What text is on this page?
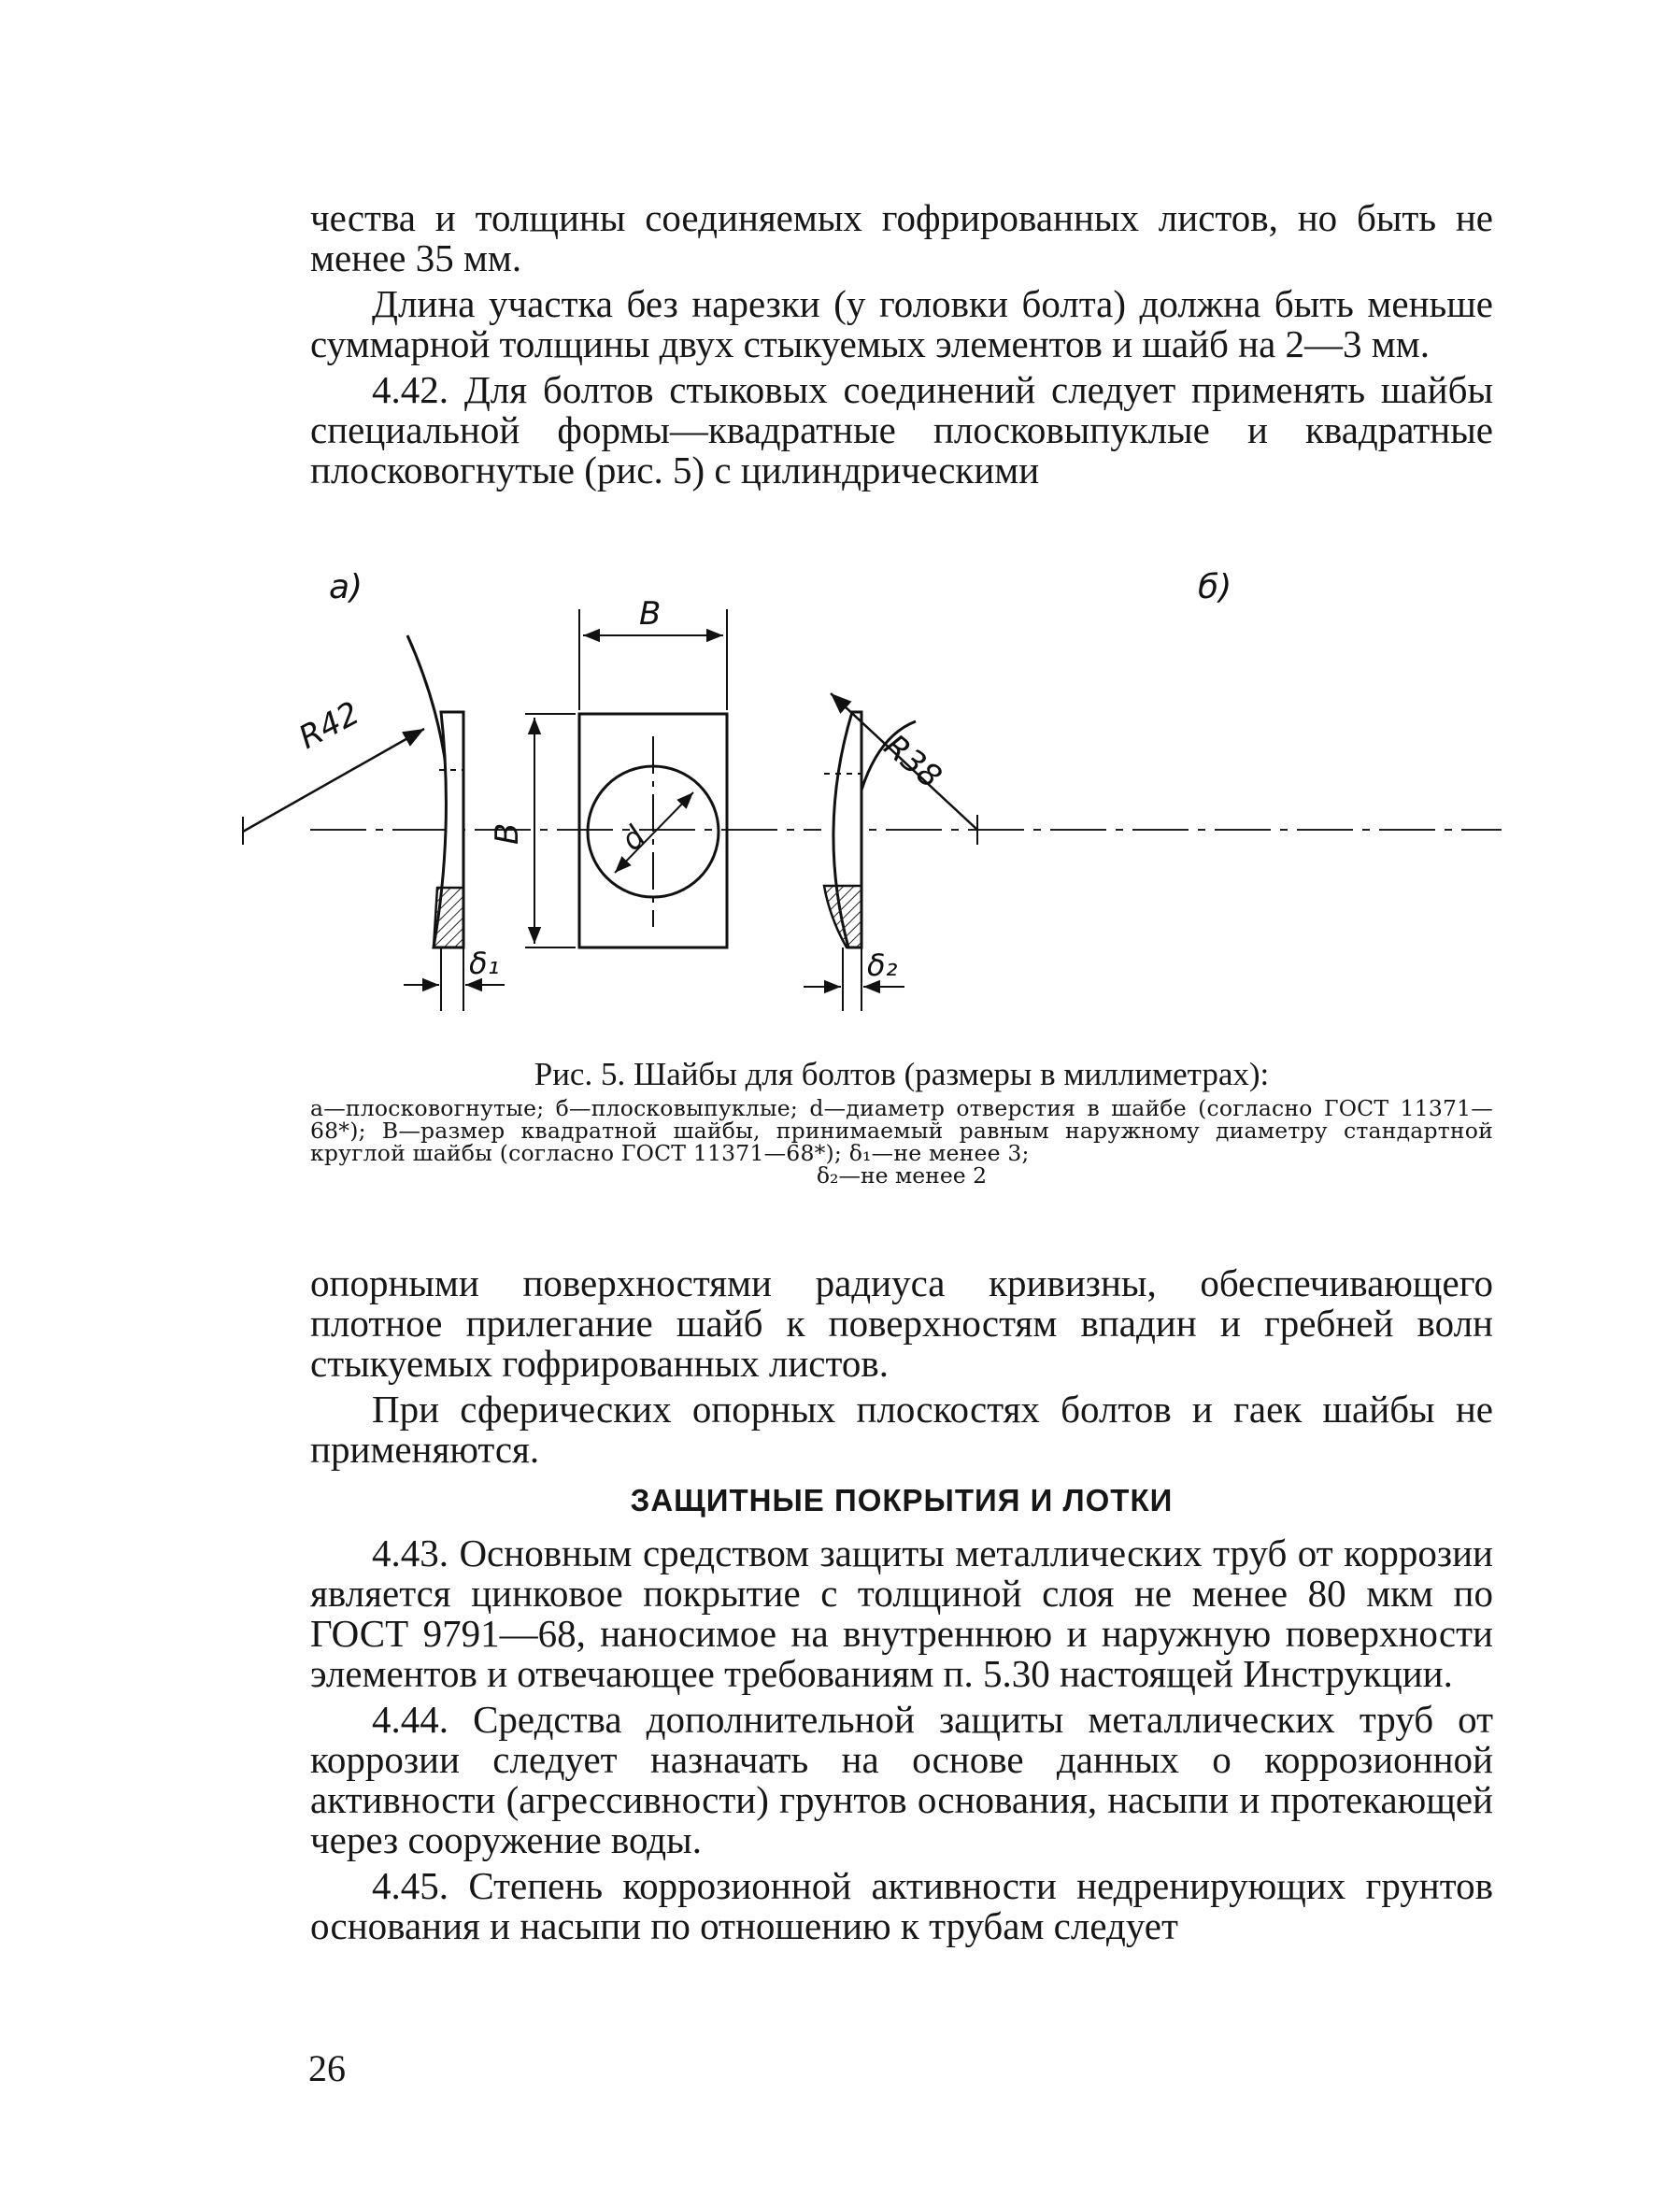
чества и толщины соединяемых гофрированных листов, но быть не менее 35 мм.

Длина участка без нарезки (у головки болта) должна быть меньше суммарной толщины двух стыкуемых элементов и шайб на 2—3 мм.

4.42. Для болтов стыковых соединений следует применять шайбы специальной формы—квадратные плосковыпуклые и квадратные плосковогнутые (рис. 5) с цилиндрическими

а)
R42
δ₁
В
В	d
б)
R38
δ₂
Рис. 5. Шайбы для болтов (размеры в миллиметрах):

а—плосковогнутые; б—плосковыпуклые; d—диаметр отверстия в шайбе (согласно ГОСТ 11371—68*); В—размер квадратной шайбы, принимаемый равным наружному диаметру стандартной круглой шайбы (согласно ГОСТ 11371—68*); δ₁—не менее 3;

δ₂—не менее 2

опорными поверхностями радиуса кривизны, обеспечивающего плотное прилегание шайб к поверхностям впадин и гребней волн стыкуемых гофрированных листов.

При сферических опорных плоскостях болтов и гаек шайбы не применяются.

ЗАЩИТНЫЕ ПОКРЫТИЯ И ЛОТКИ

4.43. Основным средством защиты металлических труб от коррозии является цинковое покрытие с толщиной слоя не менее 80 мкм по ГОСТ 9791—68, наносимое на внутреннюю и наружную поверхности элементов и отвечающее требованиям п. 5.30 настоящей Инструкции.

4.44. Средства дополнительной защиты металлических труб от коррозии следует назначать на основе данных о коррозионной активности (агрессивности) грунтов основания, насыпи и протекающей через сооружение воды.

4.45. Степень коррозионной активности недренирующих грунтов основания и насыпи по отношению к трубам следует

26
